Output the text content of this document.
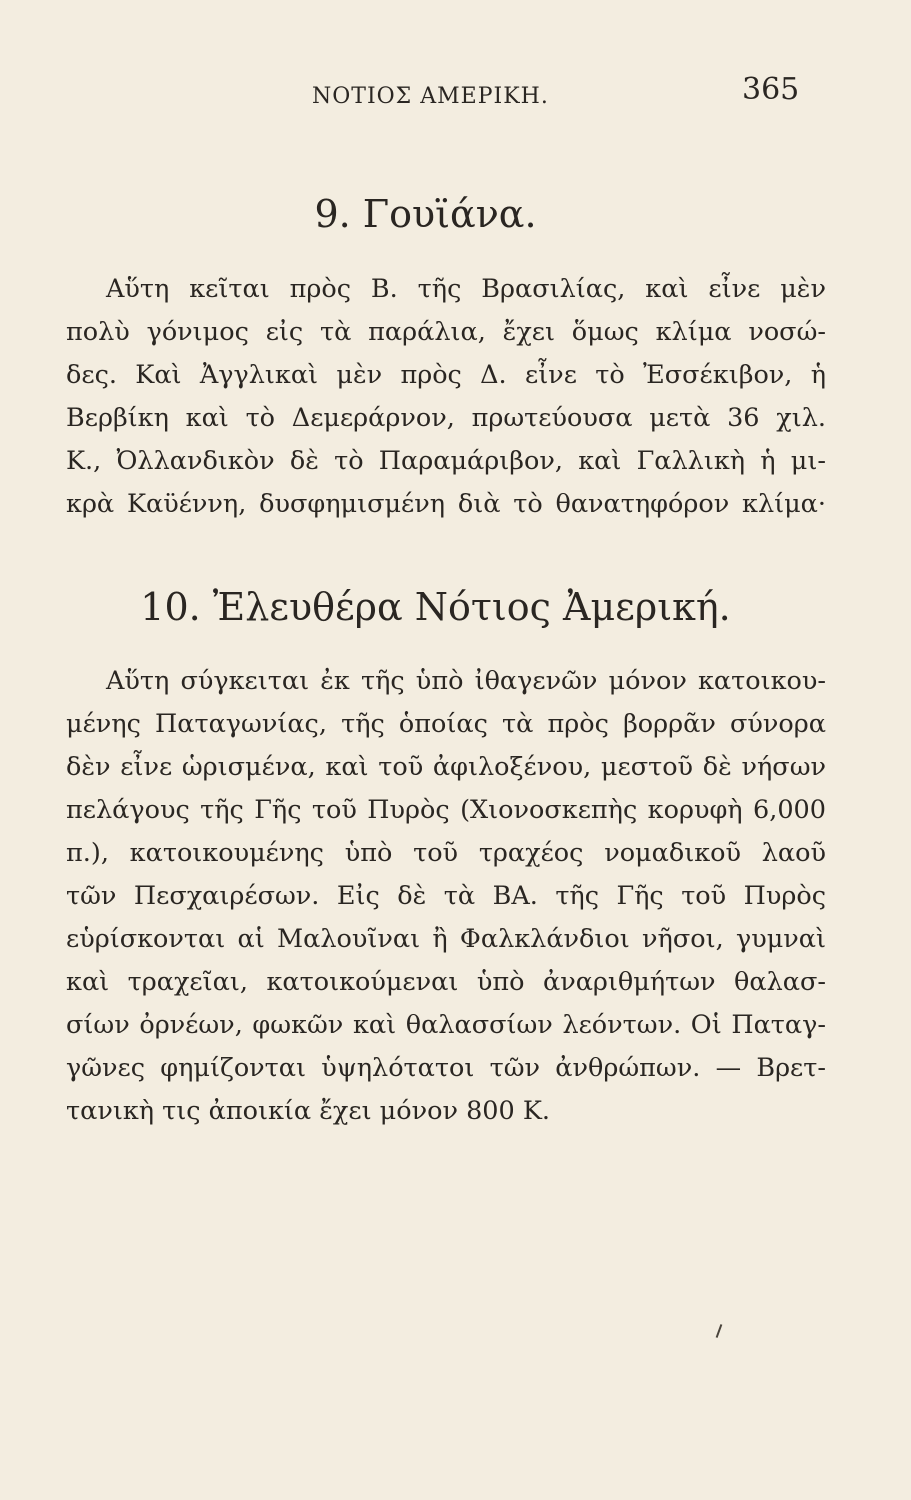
ΝΟΤΙΟΣ ΑΜΕΡΙΚΗ.	365
9. Γουϊάνα.
Αὕτη κεῖται πρὸς Β. τῆς Βρασιλίας, καὶ εἶνε μὲν
πολὺ γόνιμος εἰς τὰ παράλια, ἔχει ὅμως κλίμα νοσώ-
δες. Καὶ Ἀγγλικαὶ μὲν πρὸς Δ. εἶνε τὸ Ἐσσέκιβον, ἡ
Βερβίκη καὶ τὸ Δεμεράρνον, πρωτεύουσα μετὰ 36 χιλ.
Κ., Ὀλλανδικὸν δὲ τὸ Παραμάριβον, καὶ Γαλλικὴ ἡ μι-
κρὰ Καϋέννη, δυσφημισμένη διὰ τὸ θανατηφόρον κλίμα·
10. Ἐλευθέρα Νότιος Ἀμερική.
Αὕτη σύγκειται ἐκ τῆς ὑπὸ ἰθαγενῶν μόνον κατοικου-
μένης Παταγωνίας, τῆς ὁποίας τὰ πρὸς βορρᾶν σύνορα
δὲν εἶνε ὡρισμένα, καὶ τοῦ ἀφιλοξένου, μεστοῦ δὲ νήσων
πελάγους τῆς Γῆς τοῦ Πυρὸς (Χιονοσκεπὴς κορυφὴ 6,000
π.), κατοικουμένης ὑπὸ τοῦ τραχέος νομαδικοῦ λαοῦ
τῶν Πεσχαιρέσων. Εἰς δὲ τὰ ΒΑ. τῆς Γῆς τοῦ Πυρὸς
εὑρίσκονται αἱ Μαλουῖναι ἢ Φαλκλάνδιοι νῆσοι, γυμναὶ
καὶ τραχεῖαι, κατοικούμεναι ὑπὸ ἀναριθμήτων θαλασ-
σίων ὀρνέων, φωκῶν καὶ θαλασσίων λεόντων. Οἱ Παταγ-
γῶνες φημίζονται ὑψηλότατοι τῶν ἀνθρώπων. — Βρετ-
τανικὴ τις ἀποικία ἔχει μόνον 800 Κ.
